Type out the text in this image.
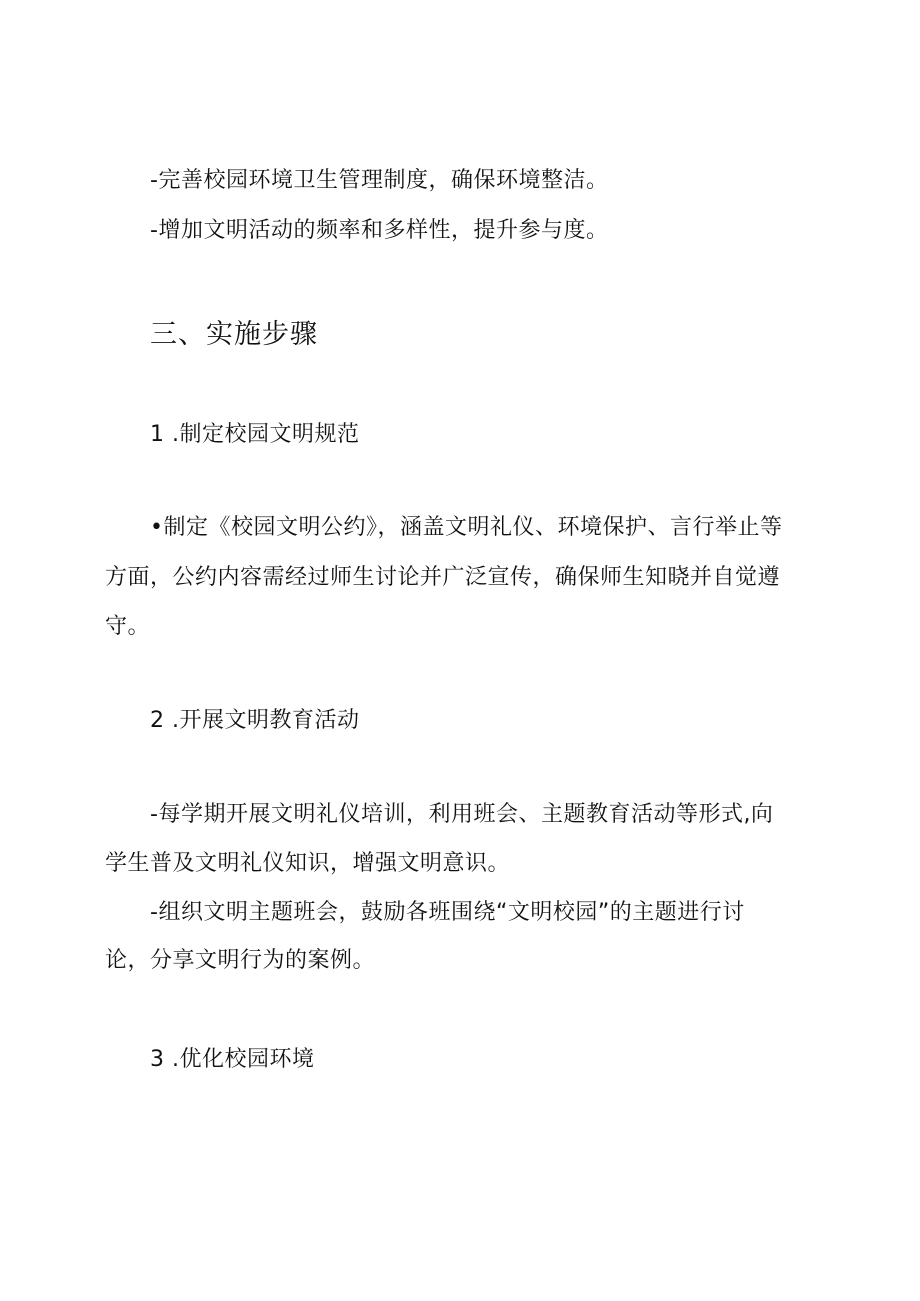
-完善校园环境卫生管理制度，确保环境整洁。
-增加文明活动的频率和多样性，提升参与度。
三、实施步骤
1 .制定校园文明规范
•制定《校园文明公约》，涵盖文明礼仪、环境保护、言行举止等
方面，公约内容需经过师生讨论并广泛宣传，确保师生知晓并自觉遵
守。
2 .开展文明教育活动
-每学期开展文明礼仪培训，利用班会、主题教育活动等形式,向
学生普及文明礼仪知识，增强文明意识。
-组织文明主题班会，鼓励各班围绕“文明校园”的主题进行讨
论，分享文明行为的案例。
3 .优化校园环境
